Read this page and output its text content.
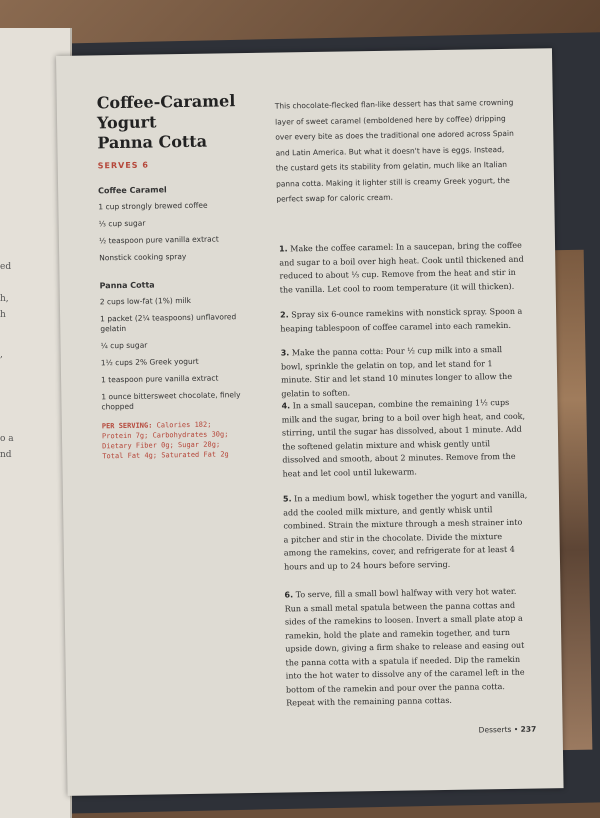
ed
h,
h
,
o a
nd
Coffee-Caramel
Yogurt
Panna Cotta
SERVES 6
Coffee Caramel
1 cup strongly brewed coffee
⅓ cup sugar
½ teaspoon pure vanilla extract
Nonstick cooking spray
Panna Cotta
2 cups low-fat (1%) milk
1 packet (2¼ teaspoons) unflavored gelatin
¼ cup sugar
1½ cups 2% Greek yogurt
1 teaspoon pure vanilla extract
1 ounce bittersweet chocolate, finely chopped
PER SERVING: Calories 182;
Protein 7g; Carbohydrates 30g;
Dietary Fiber 0g; Sugar 28g;
Total Fat 4g; Saturated Fat 2g
This chocolate-flecked flan-like dessert has that same crowning layer of sweet caramel (emboldened here by coffee) dripping over every bite as does the traditional one adored across Spain and Latin America. But what it doesn't have is eggs. Instead, the custard gets its stability from gelatin, much like an Italian panna cotta. Making it lighter still is creamy Greek yogurt, the perfect swap for caloric cream.
1. Make the coffee caramel: In a saucepan, bring the coffee and sugar to a boil over high heat. Cook until thickened and reduced to about ⅓ cup. Remove from the heat and stir in the vanilla. Let cool to room temperature (it will thicken).
2. Spray six 6-ounce ramekins with nonstick spray. Spoon a heaping tablespoon of coffee caramel into each ramekin.
3. Make the panna cotta: Pour ½ cup milk into a small bowl, sprinkle the gelatin on top, and let stand for 1 minute. Stir and let stand 10 minutes longer to allow the gelatin to soften.
4. In a small saucepan, combine the remaining 1½ cups milk and the sugar, bring to a boil over high heat, and cook, stirring, until the sugar has dissolved, about 1 minute. Add the softened gelatin mixture and whisk gently until dissolved and smooth, about 2 minutes. Remove from the heat and let cool until lukewarm.
5. In a medium bowl, whisk together the yogurt and vanilla, add the cooled milk mixture, and gently whisk until combined. Strain the mixture through a mesh strainer into a pitcher and stir in the chocolate. Divide the mixture among the ramekins, cover, and refrigerate for at least 4 hours and up to 24 hours before serving.
6. To serve, fill a small bowl halfway with very hot water. Run a small metal spatula between the panna cottas and sides of the ramekins to loosen. Invert a small plate atop a ramekin, hold the plate and ramekin together, and turn upside down, giving a firm shake to release and easing out the panna cotta with a spatula if needed. Dip the ramekin into the hot water to dissolve any of the caramel left in the bottom of the ramekin and pour over the panna cotta. Repeat with the remaining panna cottas.
Desserts • 237
